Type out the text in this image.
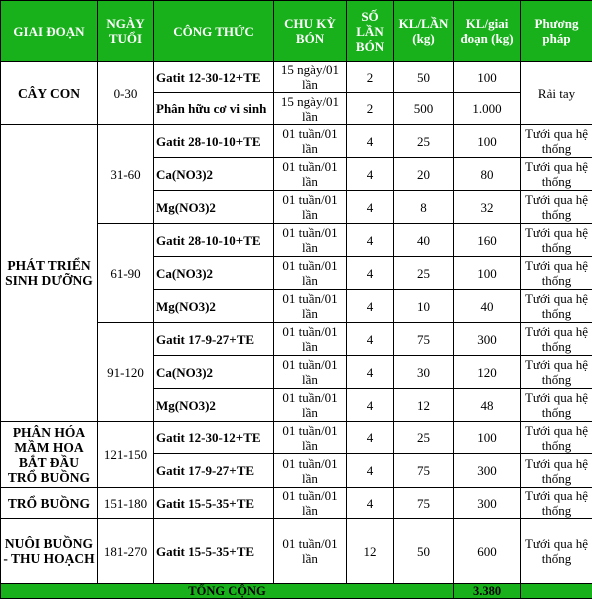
GIAI ĐOẠN	NGÀY TUỔI	CÔNG THỨC	CHU KỲ BÓN	SỐ LẦN BÓN	KL/LẦN (kg)	KL/giai đoạn (kg)	Phương pháp
CÂY CON	0-30	Gatit 12-30-12+TE	15 ngày/01 lần	2	50	100	Rải tay
		Phân hữu cơ vi sinh	15 ngày/01 lần	2	500	1.000	
PHÁT TRIỂN SINH DƯỠNG	31-60	Gatit 28-10-10+TE	01 tuần/01 lần	4	25	100	Tưới qua hệ thống
		Ca(NO3)2	01 tuần/01 lần	4	20	80	Tưới qua hệ thống
		Mg(NO3)2	01 tuần/01 lần	4	8	32	Tưới qua hệ thống
	61-90	Gatit 28-10-10+TE	01 tuần/01 lần	4	40	160	Tưới qua hệ thống
		Ca(NO3)2	01 tuần/01 lần	4	25	100	Tưới qua hệ thống
		Mg(NO3)2	01 tuần/01 lần	4	10	40	Tưới qua hệ thống
	91-120	Gatit 17-9-27+TE	01 tuần/01 lần	4	75	300	Tưới qua hệ thống
		Ca(NO3)2	01 tuần/01 lần	4	30	120	Tưới qua hệ thống
		Mg(NO3)2	01 tuần/01 lần	4	12	48	Tưới qua hệ thống
PHÂN HÓA MẦM HOA BẮT ĐẦU TRỔ BUỒNG	121-150	Gatit 12-30-12+TE	01 tuần/01 lần	4	25	100	Tưới qua hệ thống
		Gatit 17-9-27+TE	01 tuần/01 lần	4	75	300	Tưới qua hệ thống
TRỔ BUỒNG	151-180	Gatit 15-5-35+TE	01 tuần/01 lần	4	75	300	Tưới qua hệ thống
NUÔI BUỒNG - THU HOẠCH	181-270	Gatit 15-5-35+TE	01 tuần/01 lần	12	50	600	Tưới qua hệ thống
TỔNG CỘNG						3.380	
